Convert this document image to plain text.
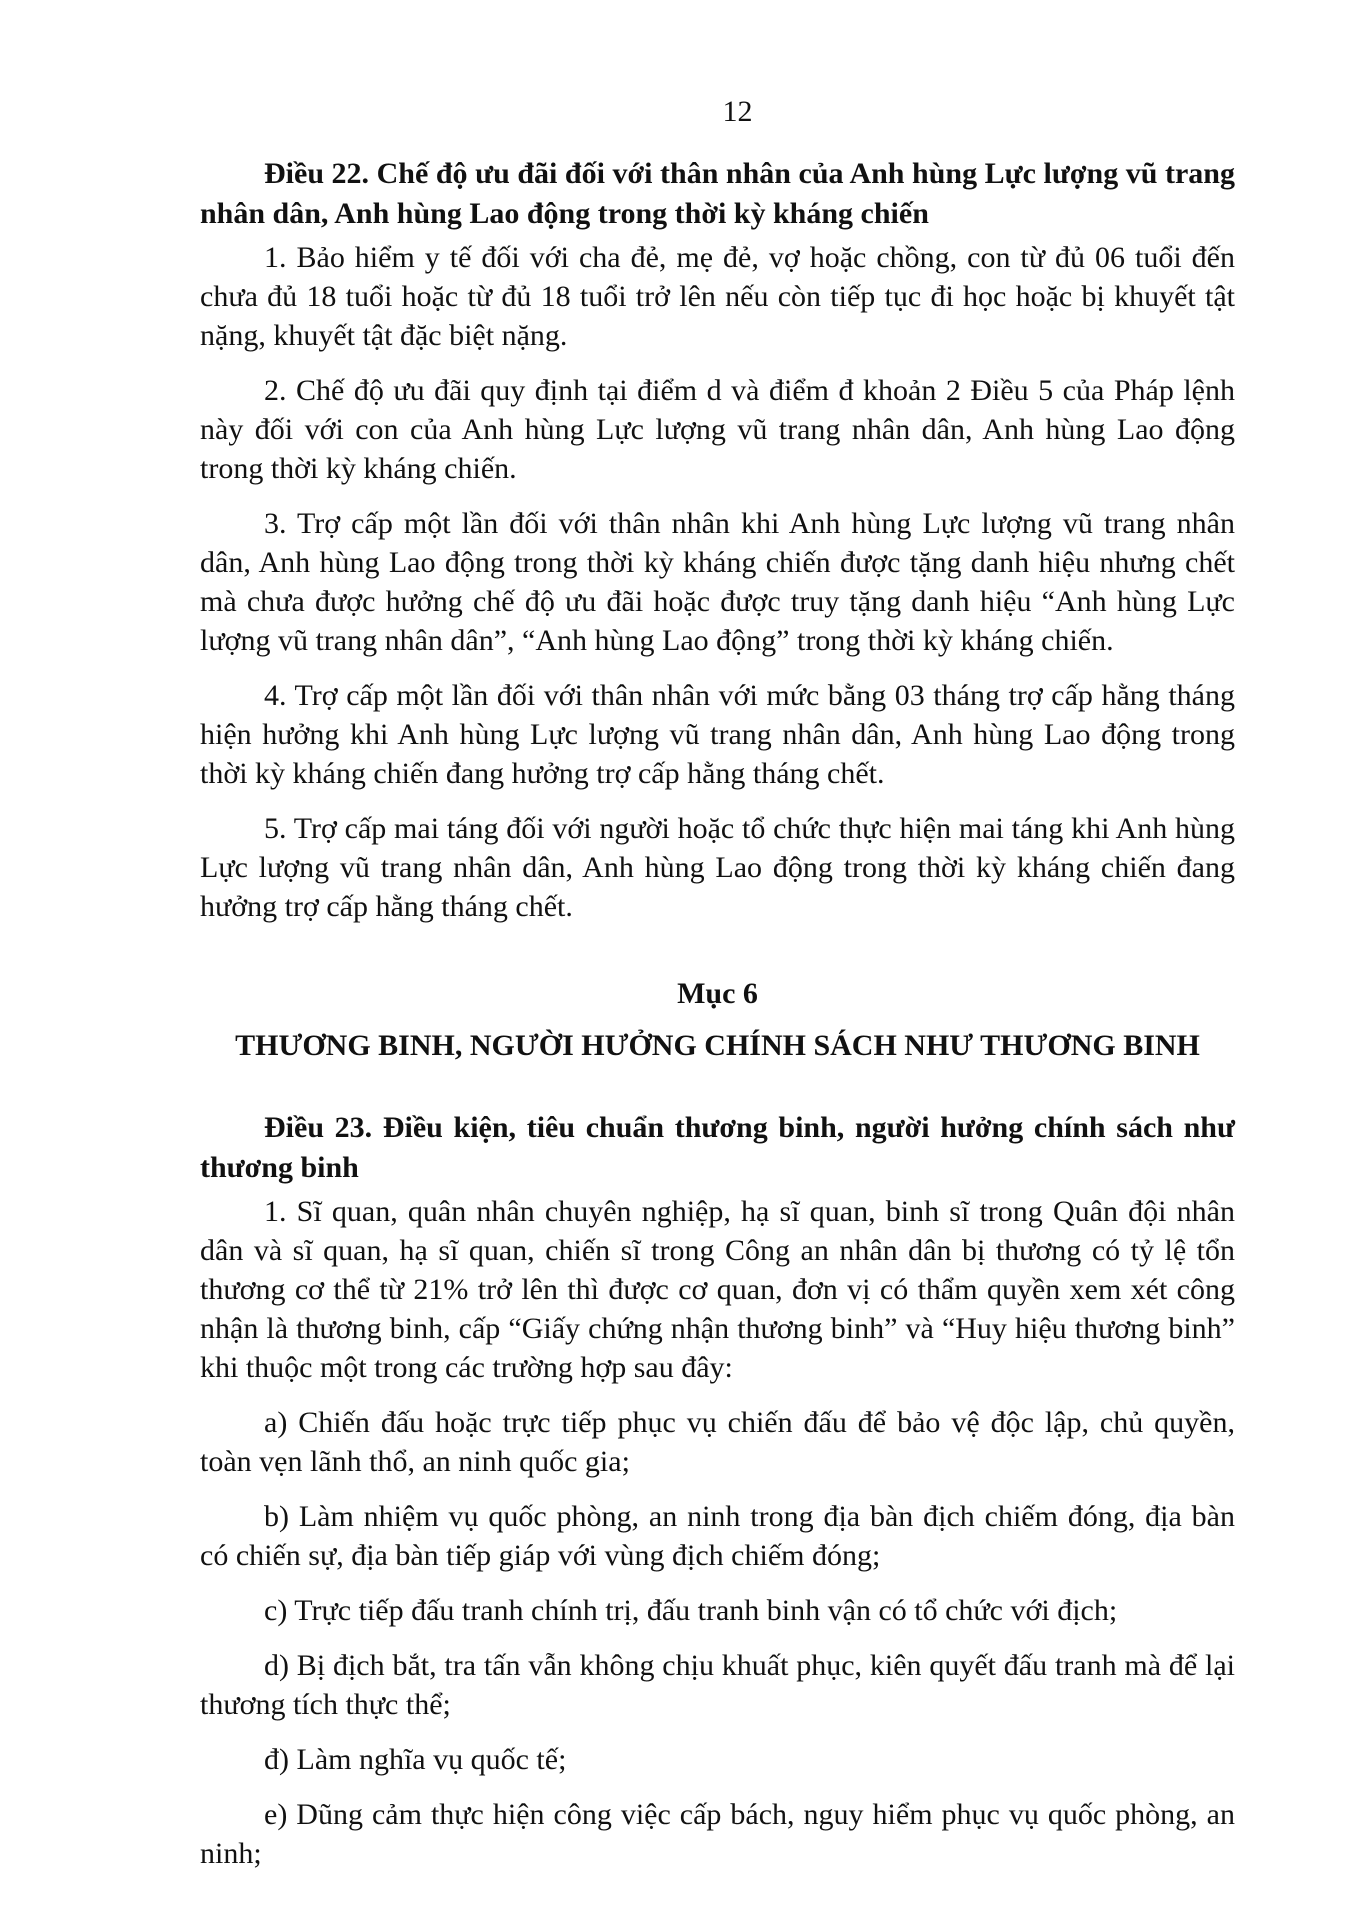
12

Điều 22. Chế độ ưu đãi đối với thân nhân của Anh hùng Lực lượng vũ trang nhân dân, Anh hùng Lao động trong thời kỳ kháng chiến

1. Bảo hiểm y tế đối với cha đẻ, mẹ đẻ, vợ hoặc chồng, con từ đủ 06 tuổi đến chưa đủ 18 tuổi hoặc từ đủ 18 tuổi trở lên nếu còn tiếp tục đi học hoặc bị khuyết tật nặng, khuyết tật đặc biệt nặng.

2. Chế độ ưu đãi quy định tại điểm d và điểm đ khoản 2 Điều 5 của Pháp lệnh này đối với con của Anh hùng Lực lượng vũ trang nhân dân, Anh hùng Lao động trong thời kỳ kháng chiến.

3. Trợ cấp một lần đối với thân nhân khi Anh hùng Lực lượng vũ trang nhân dân, Anh hùng Lao động trong thời kỳ kháng chiến được tặng danh hiệu nhưng chết mà chưa được hưởng chế độ ưu đãi hoặc được truy tặng danh hiệu “Anh hùng Lực lượng vũ trang nhân dân”, “Anh hùng Lao động” trong thời kỳ kháng chiến.

4. Trợ cấp một lần đối với thân nhân với mức bằng 03 tháng trợ cấp hằng tháng hiện hưởng khi Anh hùng Lực lượng vũ trang nhân dân, Anh hùng Lao động trong thời kỳ kháng chiến đang hưởng trợ cấp hằng tháng chết.

5. Trợ cấp mai táng đối với người hoặc tổ chức thực hiện mai táng khi Anh hùng Lực lượng vũ trang nhân dân, Anh hùng Lao động trong thời kỳ kháng chiến đang hưởng trợ cấp hằng tháng chết.

Mục 6
THƯƠNG BINH, NGƯỜI HƯỞNG CHÍNH SÁCH NHƯ THƯƠNG BINH

Điều 23. Điều kiện, tiêu chuẩn thương binh, người hưởng chính sách như thương binh

1. Sĩ quan, quân nhân chuyên nghiệp, hạ sĩ quan, binh sĩ trong Quân đội nhân dân và sĩ quan, hạ sĩ quan, chiến sĩ trong Công an nhân dân bị thương có tỷ lệ tổn thương cơ thể từ 21% trở lên thì được cơ quan, đơn vị có thẩm quyền xem xét công nhận là thương binh, cấp “Giấy chứng nhận thương binh” và “Huy hiệu thương binh” khi thuộc một trong các trường hợp sau đây:

a) Chiến đấu hoặc trực tiếp phục vụ chiến đấu để bảo vệ độc lập, chủ quyền, toàn vẹn lãnh thổ, an ninh quốc gia;

b) Làm nhiệm vụ quốc phòng, an ninh trong địa bàn địch chiếm đóng, địa bàn có chiến sự, địa bàn tiếp giáp với vùng địch chiếm đóng;

c) Trực tiếp đấu tranh chính trị, đấu tranh binh vận có tổ chức với địch;

d) Bị địch bắt, tra tấn vẫn không chịu khuất phục, kiên quyết đấu tranh mà để lại thương tích thực thể;

đ) Làm nghĩa vụ quốc tế;

e) Dũng cảm thực hiện công việc cấp bách, nguy hiểm phục vụ quốc phòng, an ninh;
